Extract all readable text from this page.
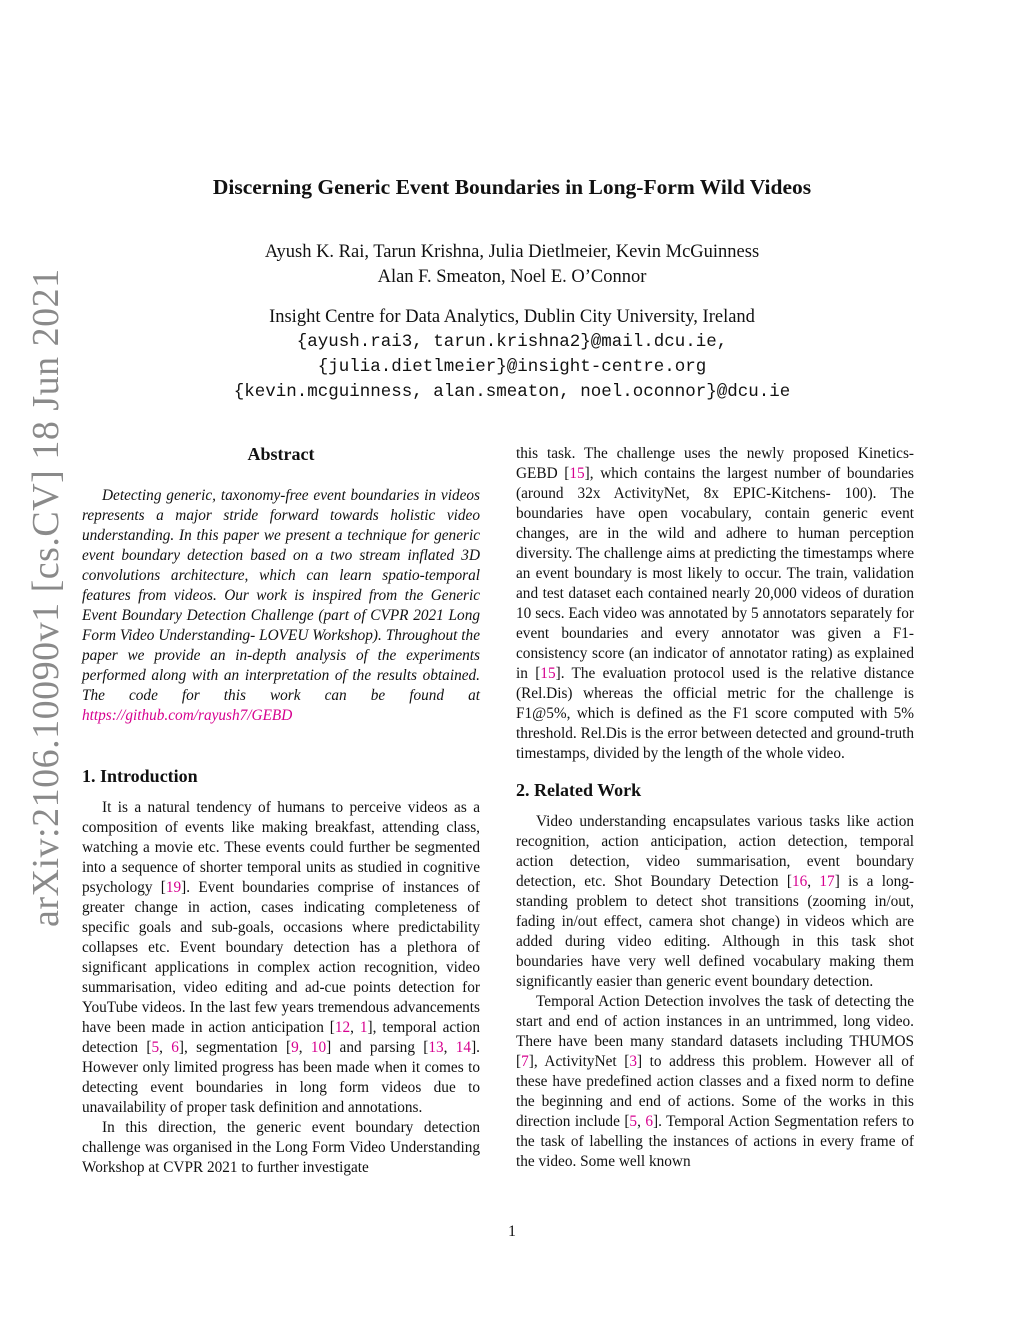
arXiv:2106.10090v1 [cs.CV] 18 Jun 2021
Discerning Generic Event Boundaries in Long-Form Wild Videos
Ayush K. Rai, Tarun Krishna, Julia Dietlmeier, Kevin McGuinness
Alan F. Smeaton, Noel E. O’Connor
Insight Centre for Data Analytics, Dublin City University, Ireland
{ayush.rai3, tarun.krishna2}@mail.dcu.ie,
{julia.dietlmeier}@insight-centre.org
{kevin.mcguinness, alan.smeaton, noel.oconnor}@dcu.ie
Abstract

Detecting generic, taxonomy-free event boundaries in videos represents a major stride forward towards holistic video understanding. In this paper we present a technique for generic event boundary detection based on a two stream inflated 3D convolutions architecture, which can learn spatio-temporal features from videos. Our work is inspired from the Generic Event Boundary Detection Challenge (part of CVPR 2021 Long Form Video Understanding- LOVEU Workshop). Throughout the paper we provide an in-depth analysis of the experiments performed along with an interpretation of the results obtained. The code for this work can be found at https://github.com/rayush7/GEBD

1. Introduction

It is a natural tendency of humans to perceive videos as a composition of events like making breakfast, attending class, watching a movie etc. These events could further be segmented into a sequence of shorter temporal units as studied in cognitive psychology [19]. Event boundaries comprise of instances of greater change in action, cases indicating completeness of specific goals and sub-goals, occasions where predictability collapses etc. Event boundary detection has a plethora of significant applications in complex action recognition, video summarisation, video editing and ad-cue points detection for YouTube videos. In the last few years tremendous advancements have been made in action anticipation [12, 1], temporal action detection [5, 6], segmentation [9, 10] and parsing [13, 14]. However only limited progress has been made when it comes to detecting event boundaries in long form videos due to unavailability of proper task definition and annotations.

In this direction, the generic event boundary detection challenge was organised in the Long Form Video Understanding Workshop at CVPR 2021 to further investigate

this task. The challenge uses the newly proposed Kinetics-GEBD [15], which contains the largest number of boundaries (around 32x ActivityNet, 8x EPIC-Kitchens- 100). The boundaries have open vocabulary, contain generic event changes, are in the wild and adhere to human perception diversity. The challenge aims at predicting the timestamps where an event boundary is most likely to occur. The train, validation and test dataset each contained nearly 20,000 videos of duration 10 secs. Each video was annotated by 5 annotators separately for event boundaries and every annotator was given a F1-consistency score (an indicator of annotator rating) as explained in [15]. The evaluation protocol used is the relative distance (Rel.Dis) whereas the official metric for the challenge is F1@5%, which is defined as the F1 score computed with 5% threshold. Rel.Dis is the error between detected and ground-truth timestamps, divided by the length of the whole video.

2. Related Work

Video understanding encapsulates various tasks like action recognition, action anticipation, action detection, temporal action detection, video summarisation, event boundary detection, etc. Shot Boundary Detection [16, 17] is a long-standing problem to detect shot transitions (zooming in/out, fading in/out effect, camera shot change) in videos which are added during video editing. Although in this task shot boundaries have very well defined vocabulary making them significantly easier than generic event boundary detection.

Temporal Action Detection involves the task of detecting the start and end of action instances in an untrimmed, long video. There have been many standard datasets including THUMOS [7], ActivityNet [3] to address this problem. However all of these have predefined action classes and a fixed norm to define the beginning and end of actions. Some of the works in this direction include [5, 6]. Temporal Action Segmentation refers to the task of labelling the instances of actions in every frame of the video. Some well known

1
